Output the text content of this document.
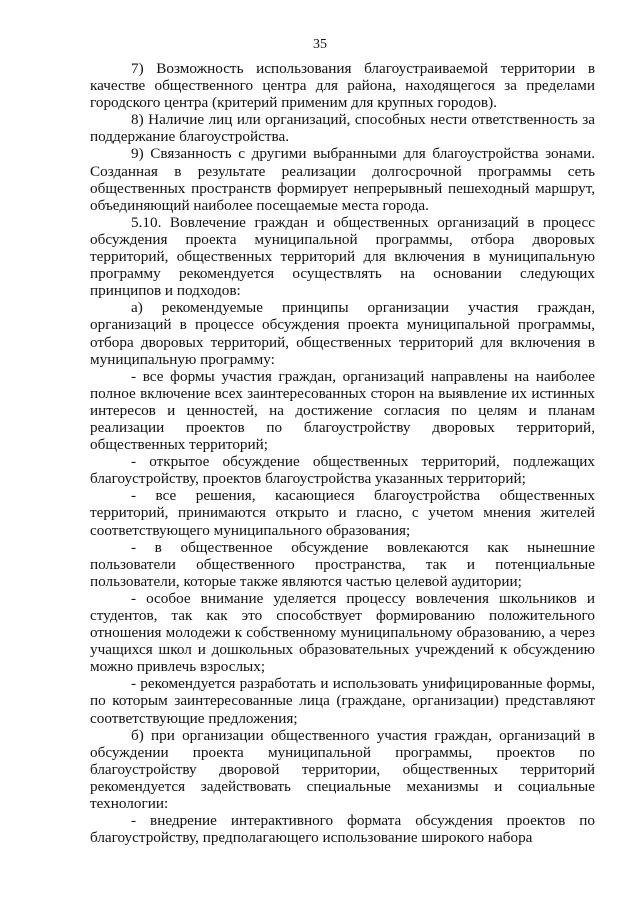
35

7) Возможность использования благоустраиваемой территории в качестве общественного центра для района, находящегося за пределами городского центра (критерий применим для крупных городов).

8) Наличие лиц или организаций, способных нести ответственность за поддержание благоустройства.

9) Связанность с другими выбранными для благоустройства зонами. Созданная в результате реализации долгосрочной программы сеть общественных пространств формирует непрерывный пешеходный маршрут, объединяющий наиболее посещаемые места города.

5.10. Вовлечение граждан и общественных организаций в процесс обсуждения проекта муниципальной программы, отбора дворовых территорий, общественных территорий для включения в муниципальную программу рекомендуется осуществлять на основании следующих принципов и подходов:

а) рекомендуемые принципы организации участия граждан, организаций в процессе обсуждения проекта муниципальной программы, отбора дворовых территорий, общественных территорий для включения в муниципальную программу:

- все формы участия граждан, организаций направлены на наиболее полное включение всех заинтересованных сторон на выявление их истинных интересов и ценностей, на достижение согласия по целям и планам реализации проектов по благоустройству дворовых территорий, общественных территорий;

- открытое обсуждение общественных территорий, подлежащих благоустройству, проектов благоустройства указанных территорий;

- все решения, касающиеся благоустройства общественных территорий, принимаются открыто и гласно, с учетом мнения жителей соответствующего муниципального образования;

- в общественное обсуждение вовлекаются как нынешние пользователи общественного пространства, так и потенциальные пользователи, которые также являются частью целевой аудитории;

- особое внимание уделяется процессу вовлечения школьников и студентов, так как это способствует формированию положительного отношения молодежи к собственному муниципальному образованию, а через учащихся школ и дошкольных образовательных учреждений к обсуждению можно привлечь взрослых;

- рекомендуется разработать и использовать унифицированные формы, по которым заинтересованные лица (граждане, организации) представляют соответствующие предложения;

б) при организации общественного участия граждан, организаций в обсуждении проекта муниципальной программы, проектов по благоустройству дворовой территории, общественных территорий рекомендуется задействовать специальные механизмы и социальные технологии:

- внедрение интерактивного формата обсуждения проектов по благоустройству, предполагающего использование широкого набора
